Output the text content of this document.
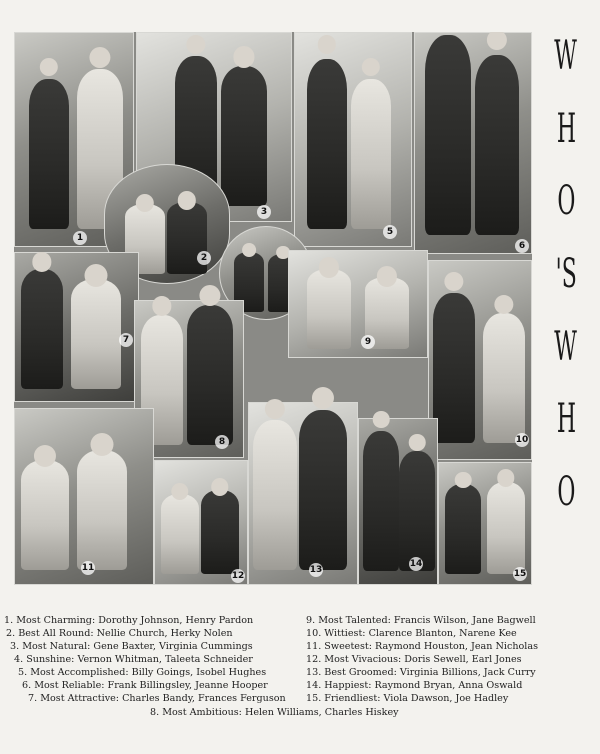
1
3
5
6
2
7	9
8	10
11
12
13
14
15
W
H
O
'S
W
H
O
1. Most Charming: Dorothy Johnson, Henry Pardon
2. Best All Round: Nellie Church, Herky Nolen
3. Most Natural: Gene Baxter, Virginia Cummings
4. Sunshine: Vernon Whitman, Taleeta Schneider
5. Most Accomplished: Billy Goings, Isobel Hughes
6. Most Reliable: Frank Billingsley, Jeanne Hooper
7. Most Attractive: Charles Bandy, Frances Ferguson
9. Most Talented: Francis Wilson, Jane Bagwell
10. Wittiest: Clarence Blanton, Narene Kee
11. Sweetest: Raymond Houston, Jean Nicholas
12. Most Vivacious: Doris Sewell, Earl Jones
13. Best Groomed: Virginia Billions, Jack Curry
14. Happiest: Raymond Bryan, Anna Oswald
15. Friendliest: Viola Dawson, Joe Hadley
8. Most Ambitious: Helen Williams, Charles Hiskey
